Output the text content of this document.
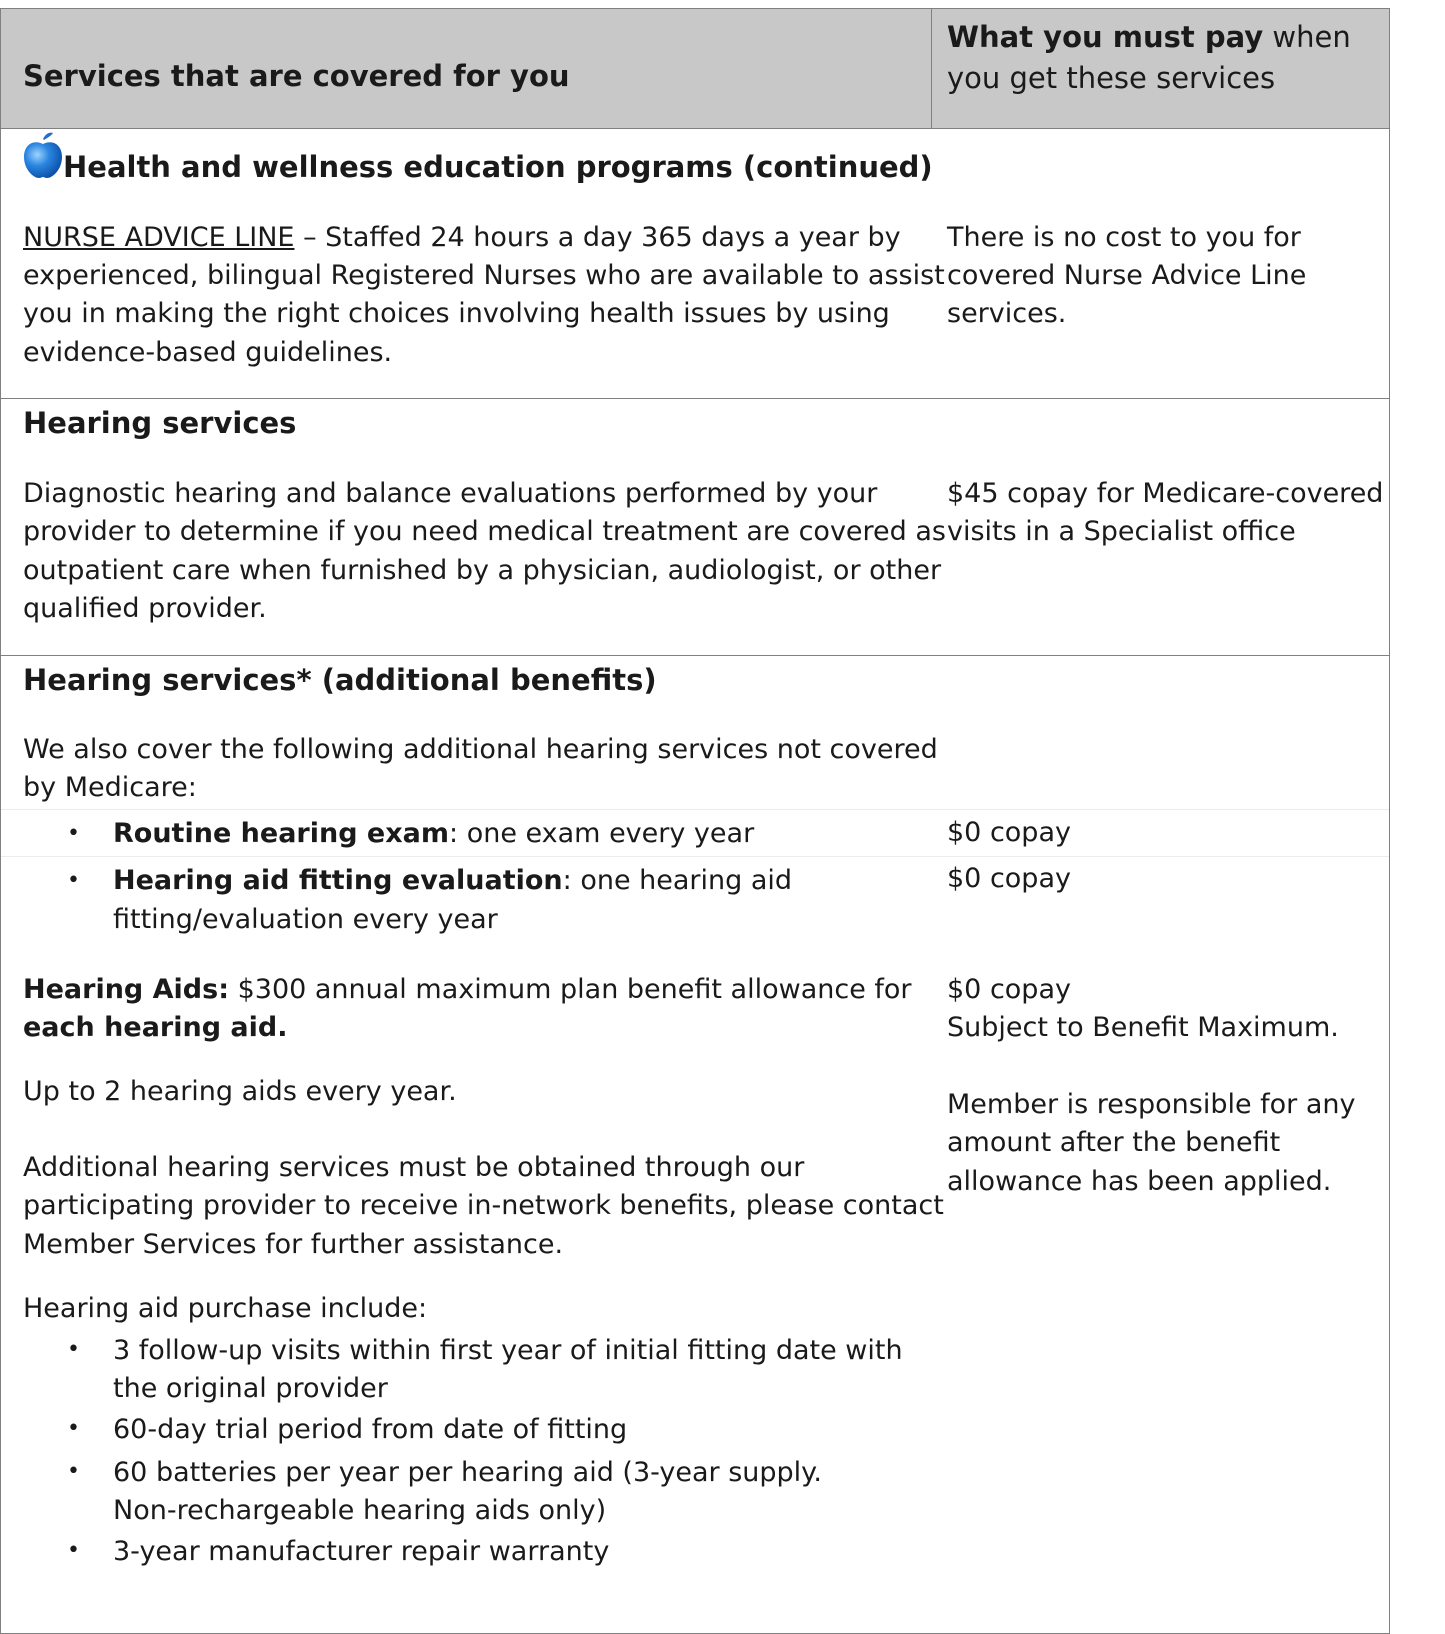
Services that are covered for you
What you must pay when
you get these services
Health and wellness education programs (continued)
NURSE ADVICE LINE – Staffed 24 hours a day 365 days a year by
experienced, bilingual Registered Nurses who are available to assist
you in making the right choices involving health issues by using
evidence-based guidelines.
There is no cost to you for
covered Nurse Advice Line
services.
Hearing services
Diagnostic hearing and balance evaluations performed by your
provider to determine if you need medical treatment are covered as
outpatient care when furnished by a physician, audiologist, or other
qualified provider.
$45 copay for Medicare-covered
visits in a Specialist office
Hearing services* (additional benefits)
We also cover the following additional hearing services not covered
by Medicare:
• Routine hearing exam: one exam every year	$0 copay
• Hearing aid fitting evaluation: one hearing aid
fitting/evaluation every year
$0 copay
Hearing Aids: $300 annual maximum plan benefit allowance for
each hearing aid.
$0 copay
Subject to Benefit Maximum.
Up to 2 hearing aids every year.	Member is responsible for any
amount after the benefit
allowance has been applied.
Additional hearing services must be obtained through our
participating provider to receive in-network benefits, please contact
Member Services for further assistance.
Hearing aid purchase include:
• 3 follow-up visits within first year of initial fitting date with
the original provider
• 60-day trial period from date of fitting
• 60 batteries per year per hearing aid (3-year supply.
Non-rechargeable hearing aids only)
• 3-year manufacturer repair warranty
